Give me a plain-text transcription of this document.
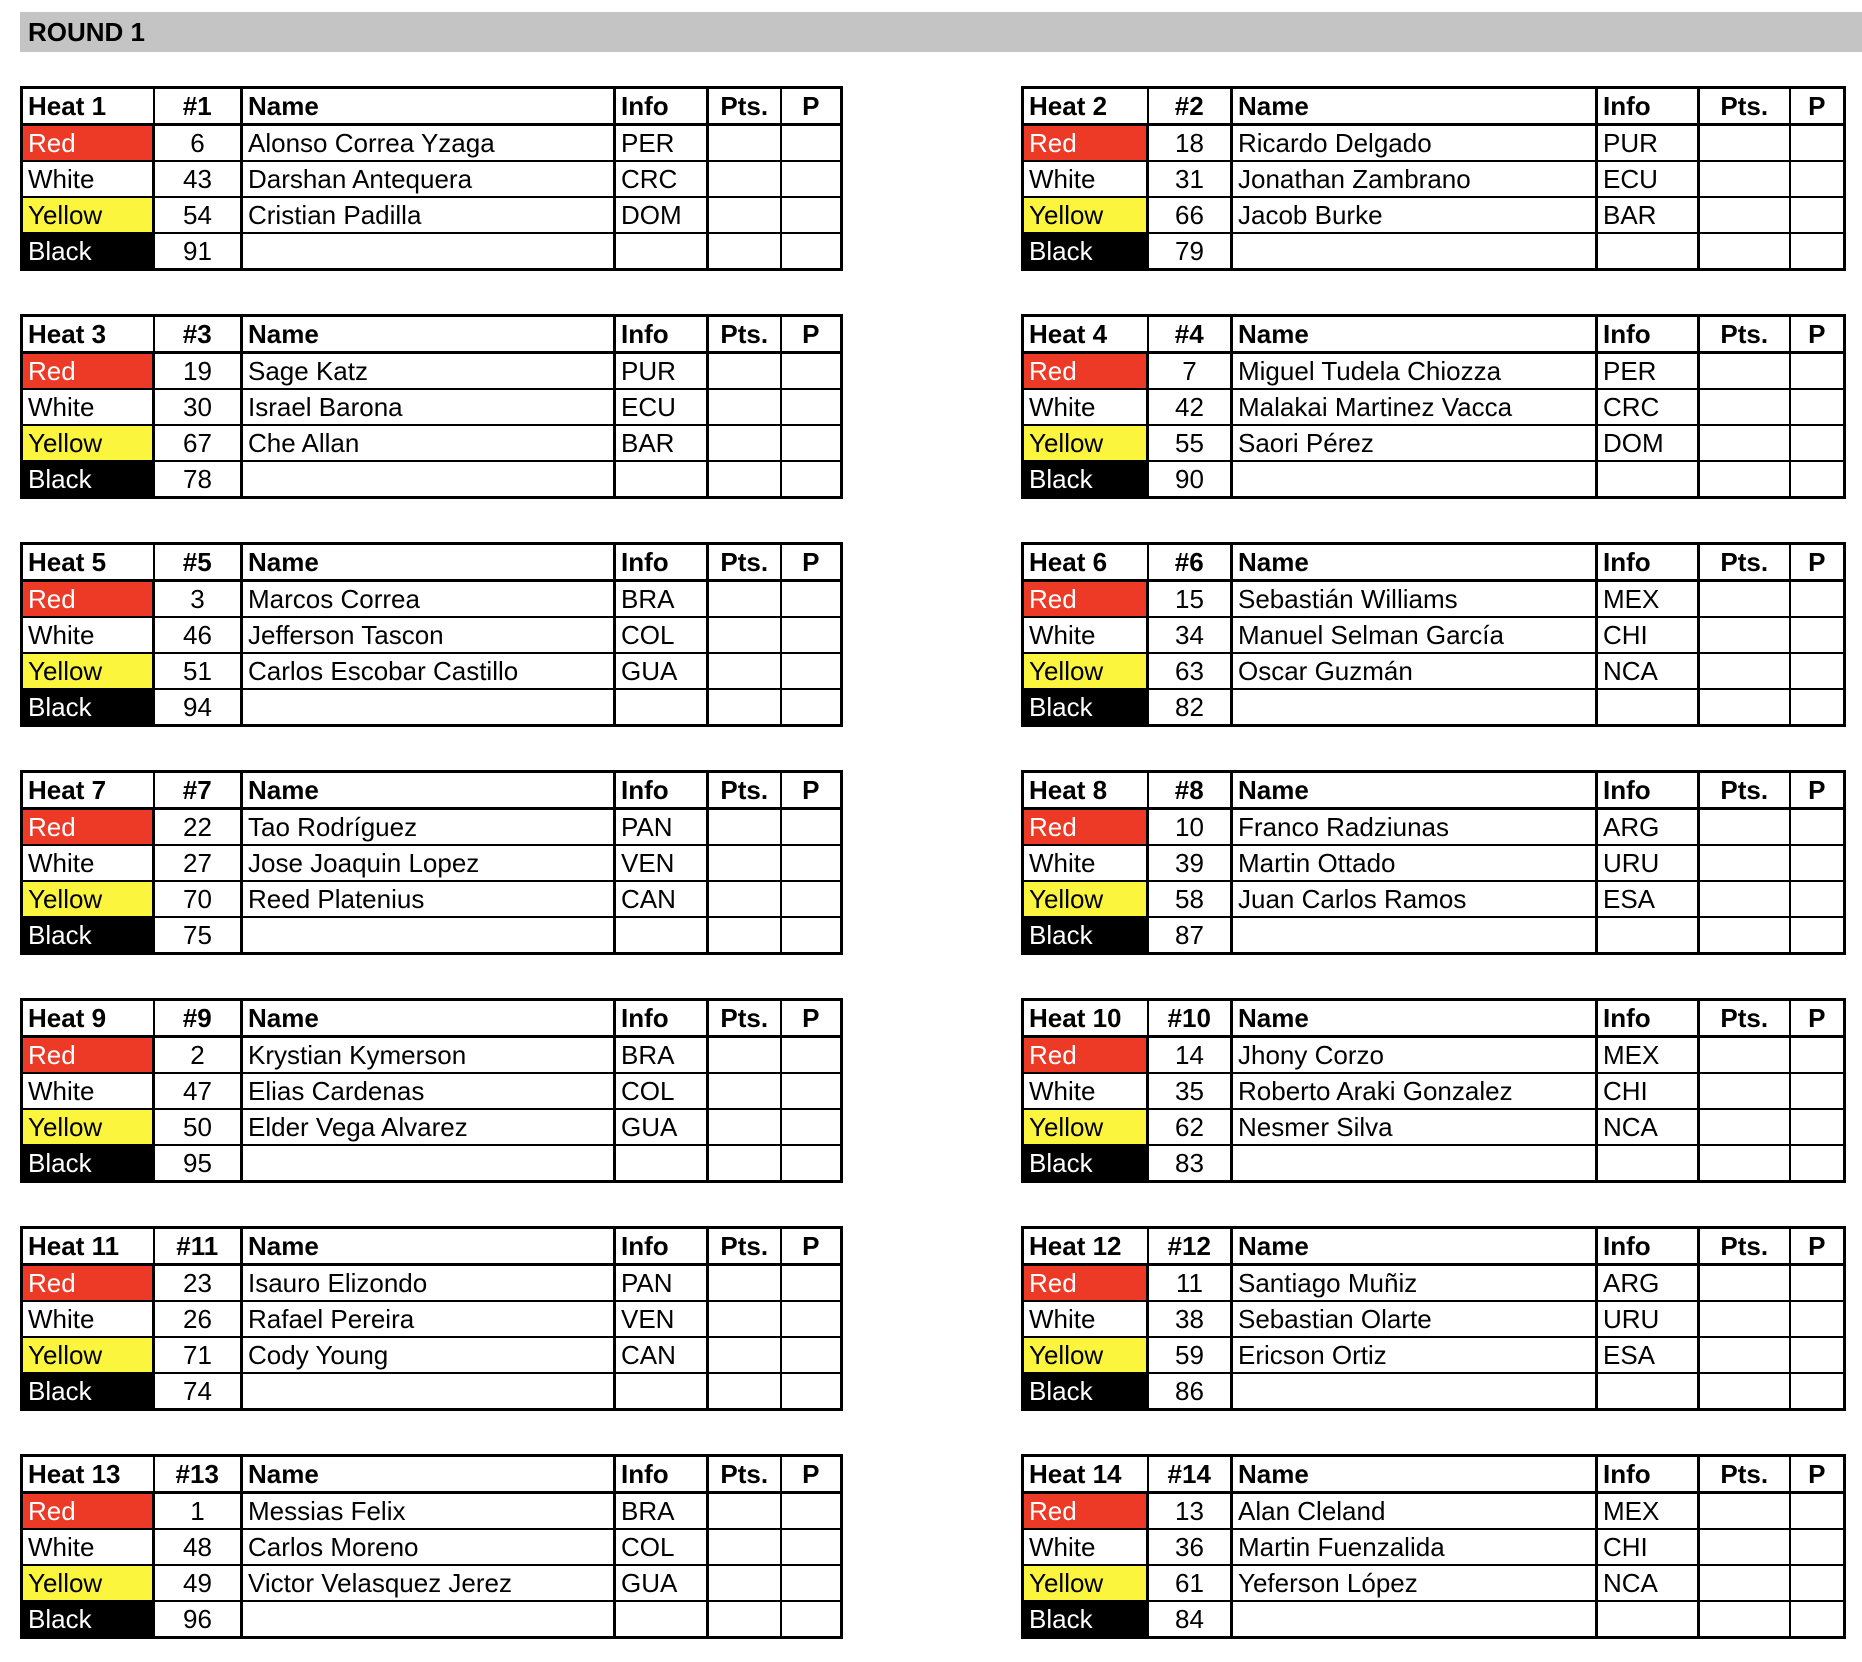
ROUND 1
Heat 1	#1	Name	Info	Pts.	P
Red	6	Alonso Correa Yzaga	PER		
White	43	Darshan Antequera	CRC		
Yellow	54	Cristian Padilla	DOM		
Black	91				
Heat 2	#2	Name	Info	Pts.	P
Red	18	Ricardo Delgado	PUR		
White	31	Jonathan Zambrano	ECU		
Yellow	66	Jacob Burke	BAR		
Black	79				
Heat 3	#3	Name	Info	Pts.	P
Red	19	Sage Katz	PUR		
White	30	Israel Barona	ECU		
Yellow	67	Che Allan	BAR		
Black	78				
Heat 4	#4	Name	Info	Pts.	P
Red	7	Miguel Tudela Chiozza	PER		
White	42	Malakai Martinez Vacca	CRC		
Yellow	55	Saori Pérez	DOM		
Black	90				
Heat 5	#5	Name	Info	Pts.	P
Red	3	Marcos Correa	BRA		
White	46	Jefferson Tascon	COL		
Yellow	51	Carlos Escobar Castillo	GUA		
Black	94				
Heat 6	#6	Name	Info	Pts.	P
Red	15	Sebastián Williams	MEX		
White	34	Manuel Selman García	CHI		
Yellow	63	Oscar Guzmán	NCA		
Black	82				
Heat 7	#7	Name	Info	Pts.	P
Red	22	Tao Rodríguez	PAN		
White	27	Jose Joaquin Lopez	VEN		
Yellow	70	Reed Platenius	CAN		
Black	75				
Heat 8	#8	Name	Info	Pts.	P
Red	10	Franco Radziunas	ARG		
White	39	Martin Ottado	URU		
Yellow	58	Juan Carlos Ramos	ESA		
Black	87				
Heat 9	#9	Name	Info	Pts.	P
Red	2	Krystian Kymerson	BRA		
White	47	Elias Cardenas	COL		
Yellow	50	Elder Vega Alvarez	GUA		
Black	95				
Heat 10	#10	Name	Info	Pts.	P
Red	14	Jhony Corzo	MEX		
White	35	Roberto Araki Gonzalez	CHI		
Yellow	62	Nesmer Silva	NCA		
Black	83				
Heat 11	#11	Name	Info	Pts.	P
Red	23	Isauro Elizondo	PAN		
White	26	Rafael Pereira	VEN		
Yellow	71	Cody Young	CAN		
Black	74				
Heat 12	#12	Name	Info	Pts.	P
Red	11	Santiago Muñiz	ARG		
White	38	Sebastian Olarte	URU		
Yellow	59	Ericson Ortiz	ESA		
Black	86				
Heat 13	#13	Name	Info	Pts.	P
Red	1	Messias Felix	BRA		
White	48	Carlos Moreno	COL		
Yellow	49	Victor Velasquez Jerez	GUA		
Black	96				
Heat 14	#14	Name	Info	Pts.	P
Red	13	Alan Cleland	MEX		
White	36	Martin Fuenzalida	CHI		
Yellow	61	Yeferson López	NCA		
Black	84				
